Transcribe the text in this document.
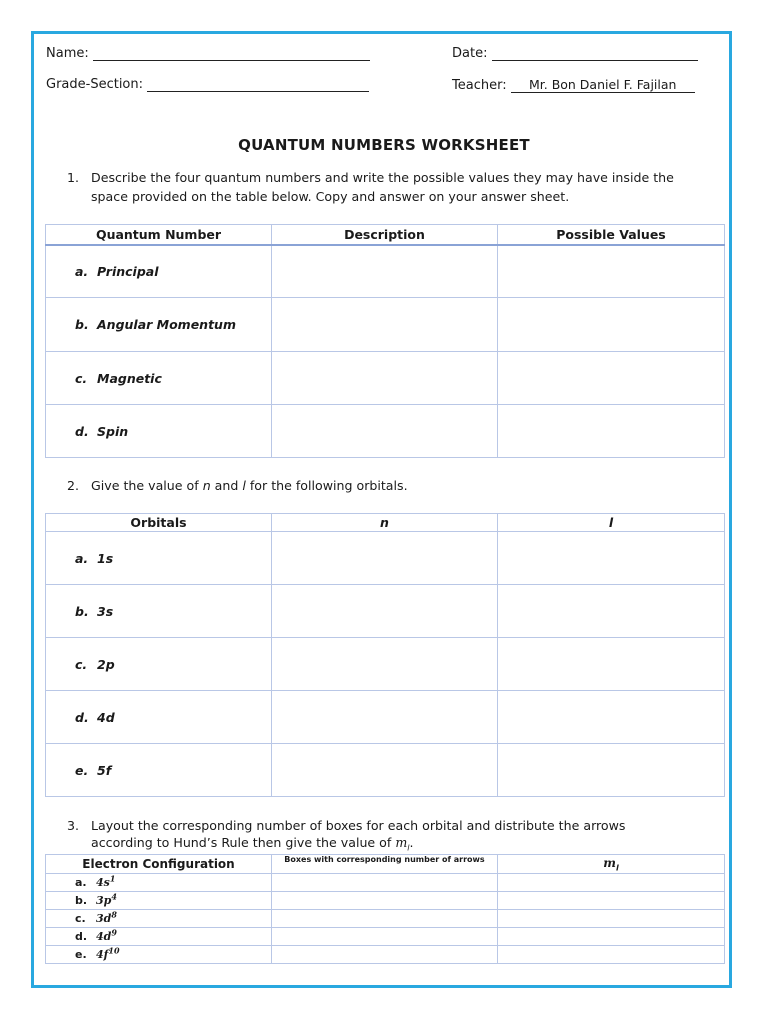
Name:	Date:
Grade-Section:	Teacher: Mr. Bon Daniel F. Fajilan
QUANTUM NUMBERS WORKSHEET
1. Describe the four quantum numbers and write the possible values they may have inside the
space provided on the table below. Copy and answer on your answer sheet.
Quantum Number	Description	Possible Values
a. Principal		
b. Angular Momentum		
c. Magnetic		
d. Spin		
2. Give the value of n and l for the following orbitals.
Orbitals	n	l
a. 1s		
b. 3s		
c. 2p		
d. 4d		
e. 5f		
3. Layout the corresponding number of boxes for each orbital and distribute the arrows
according to Hund’s Rule then give the value of $m_l$.
Electron Configuration	Boxes with corresponding number of arrows	$m_l$
a. $4s^1$		
b. $3p^4$		
c. $3d^8$		
d. $4d^9$		
e. $4f^{10}$		
